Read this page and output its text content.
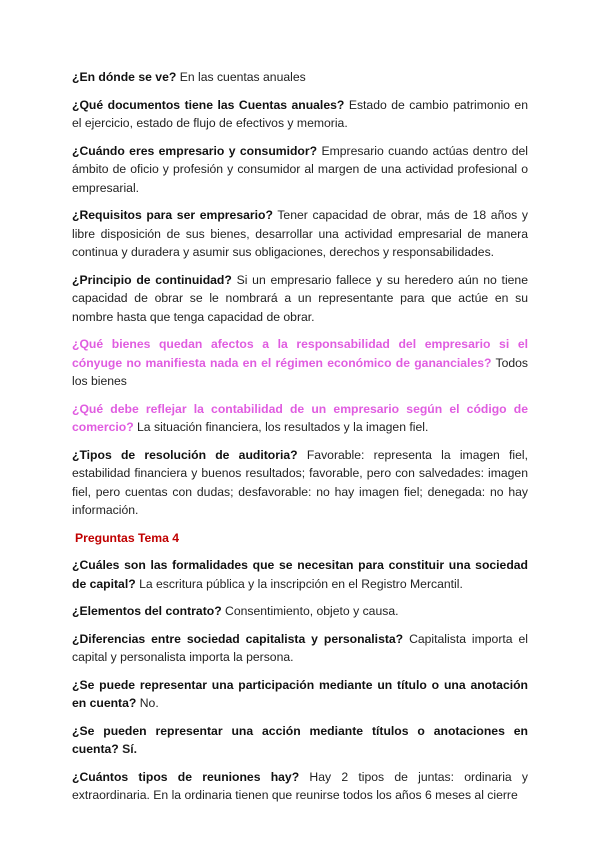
¿En dónde se ve? En las cuentas anuales

¿Qué documentos tiene las Cuentas anuales? Estado de cambio patrimonio en el ejercicio, estado de flujo de efectivos y memoria.

¿Cuándo eres empresario y consumidor? Empresario cuando actúas dentro del ámbito de oficio y profesión y consumidor al margen de una actividad profesional o empresarial.

¿Requisitos para ser empresario? Tener capacidad de obrar, más de 18 años y libre disposición de sus bienes, desarrollar una actividad empresarial de manera continua y duradera y asumir sus obligaciones, derechos y responsabilidades.

¿Principio de continuidad? Si un empresario fallece y su heredero aún no tiene capacidad de obrar se le nombrará a un representante para que actúe en su nombre hasta que tenga capacidad de obrar.

¿Qué bienes quedan afectos a la responsabilidad del empresario si el cónyuge no manifiesta nada en el régimen económico de gananciales? Todos los bienes

¿Qué debe reflejar la contabilidad de un empresario según el código de comercio? La situación financiera, los resultados y la imagen fiel.

¿Tipos de resolución de auditoria? Favorable: representa la imagen fiel, estabilidad financiera y buenos resultados; favorable, pero con salvedades: imagen fiel, pero cuentas con dudas; desfavorable: no hay imagen fiel; denegada: no hay información.

Preguntas Tema 4

¿Cuáles son las formalidades que se necesitan para constituir una sociedad de capital? La escritura pública y la inscripción en el Registro Mercantil.

¿Elementos del contrato? Consentimiento, objeto y causa.

¿Diferencias entre sociedad capitalista y personalista? Capitalista importa el capital y personalista importa la persona.

¿Se puede representar una participación mediante un título o una anotación en cuenta? No.

¿Se pueden representar una acción mediante títulos o anotaciones en cuenta? Sí.

¿Cuántos tipos de reuniones hay? Hay 2 tipos de juntas: ordinaria y extraordinaria. En la ordinaria tienen que reunirse todos los años 6 meses al cierre
